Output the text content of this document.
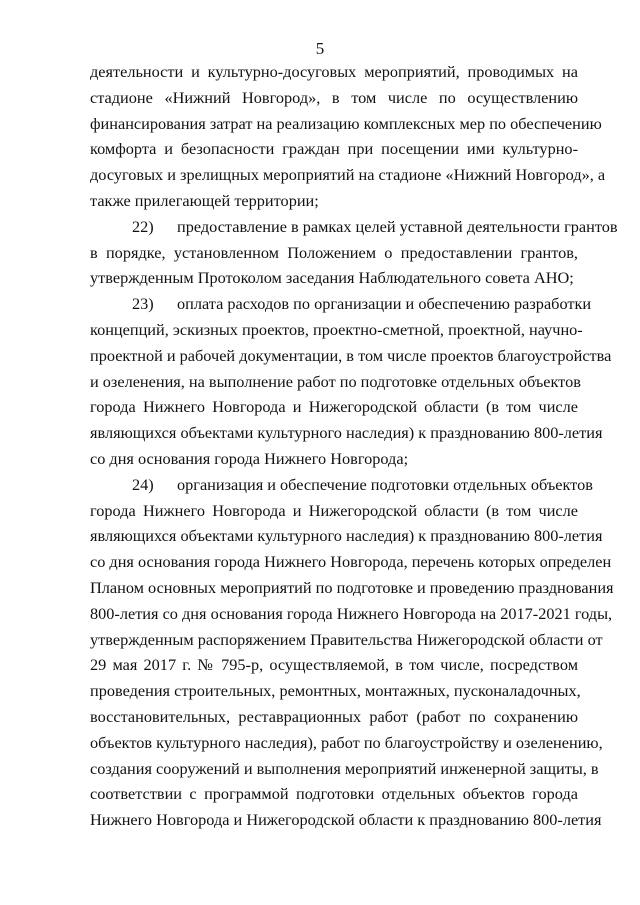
5
деятельности и культурно-досуговых мероприятий, проводимых на
стадионе «Нижний Новгород», в том числе по осуществлению
финансирования затрат на реализацию комплексных мер по обеспечению
комфорта и безопасности граждан при посещении ими культурно-
досуговых и зрелищных мероприятий на стадионе «Нижний Новгород», а
также прилегающей территории;
22) предоставление в рамках целей уставной деятельности грантов
в порядке, установленном Положением о предоставлении грантов,
утвержденным Протоколом заседания Наблюдательного совета АНО;
23) оплата расходов по организации и обеспечению разработки
концепций, эскизных проектов, проектно-сметной, проектной, научно-
проектной и рабочей документации, в том числе проектов благоустройства
и озеленения, на выполнение работ по подготовке отдельных объектов
города Нижнего Новгорода и Нижегородской области (в том числе
являющихся объектами культурного наследия) к празднованию 800-летия
со дня основания города Нижнего Новгорода;
24) организация и обеспечение подготовки отдельных объектов
города Нижнего Новгорода и Нижегородской области (в том числе
являющихся объектами культурного наследия) к празднованию 800-летия
со дня основания города Нижнего Новгорода, перечень которых определен
Планом основных мероприятий по подготовке и проведению празднования
800-летия со дня основания города Нижнего Новгорода на 2017-2021 годы,
утвержденным распоряжением Правительства Нижегородской области от
29 мая 2017 г. № 795-р, осуществляемой, в том числе, посредством
проведения строительных, ремонтных, монтажных, пусконаладочных,
восстановительных, реставрационных работ (работ по сохранению
объектов культурного наследия), работ по благоустройству и озеленению,
создания сооружений и выполнения мероприятий инженерной защиты, в
соответствии с программой подготовки отдельных объектов города
Нижнего Новгорода и Нижегородской области к празднованию 800-летия
